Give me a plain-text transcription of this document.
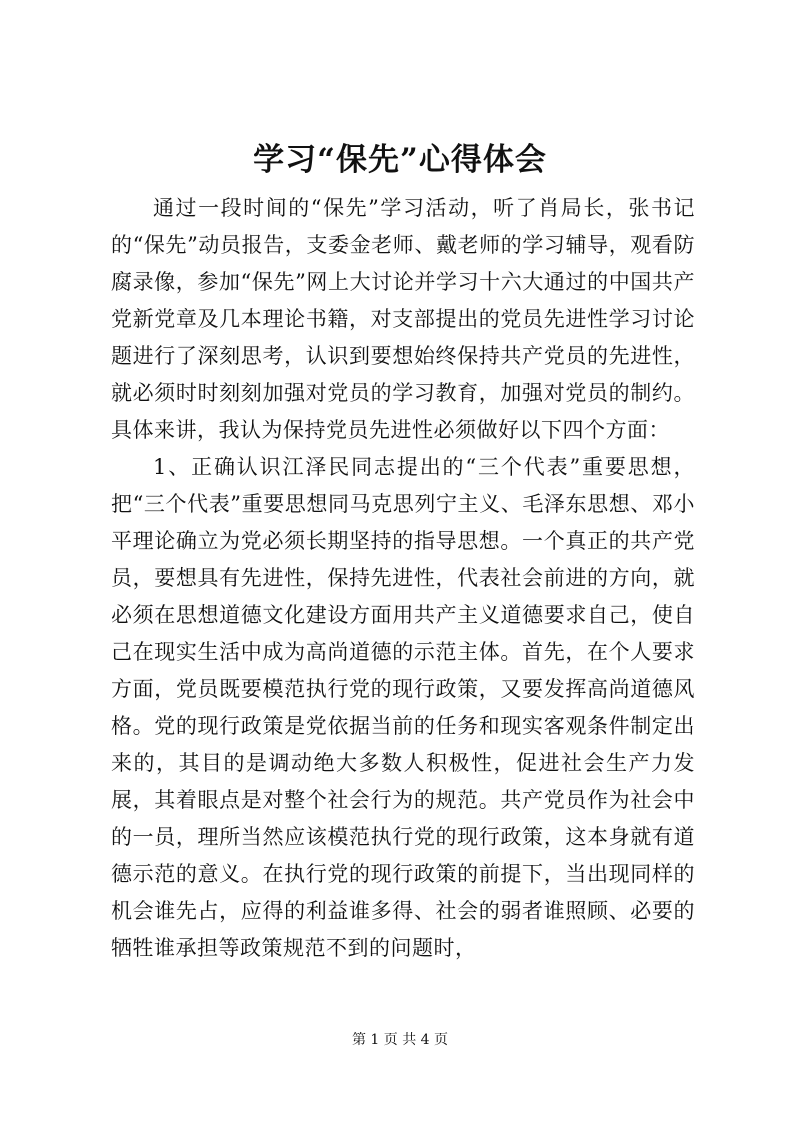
学习“保先”心得体会

通过一段时间的“保先”学习活动，听了肖局长，张书记的“保先”动员报告，支委金老师、戴老师的学习辅导，观看防腐录像，参加“保先”网上大讨论并学习十六大通过的中国共产党新党章及几本理论书籍，对支部提出的党员先进性学习讨论题进行了深刻思考，认识到要想始终保持共产党员的先进性，就必须时时刻刻加强对党员的学习教育，加强对党员的制约。具体来讲，我认为保持党员先进性必须做好以下四个方面：

1、正确认识江泽民同志提出的“三个代表”重要思想，把“三个代表”重要思想同马克思列宁主义、毛泽东思想、邓小平理论确立为党必须长期坚持的指导思想。一个真正的共产党员，要想具有先进性，保持先进性，代表社会前进的方向，就必须在思想道德文化建设方面用共产主义道德要求自己，使自己在现实生活中成为高尚道德的示范主体。首先，在个人要求方面，党员既要模范执行党的现行政策，又要发挥高尚道德风格。党的现行政策是党依据当前的任务和现实客观条件制定出来的，其目的是调动绝大多数人积极性，促进社会生产力发展，其着眼点是对整个社会行为的规范。共产党员作为社会中的一员，理所当然应该模范执行党的现行政策，这本身就有道德示范的意义。在执行党的现行政策的前提下，当出现同样的机会谁先占，应得的利益谁多得、社会的弱者谁照顾、必要的牺牲谁承担等政策规范不到的问题时，

第 1 页 共 4 页
